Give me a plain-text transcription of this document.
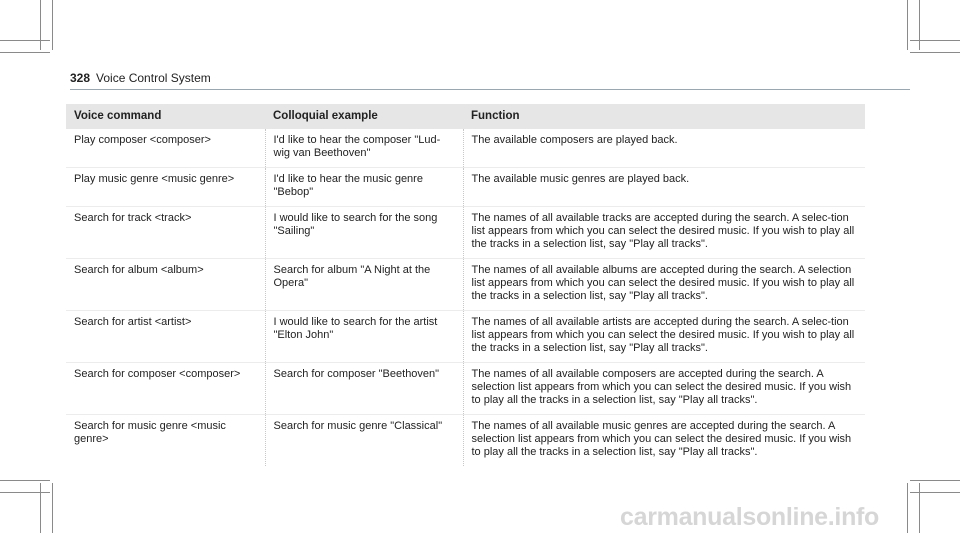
328 Voice Control System
Voice command	Colloquial example	Function
Play composer <composer>	I'd like to hear the composer "Lud-wig van Beethoven"	The available composers are played back.
Play music genre <music genre>	I'd like to hear the music genre "Bebop"	The available music genres are played back.
Search for track <track>	I would like to search for the song "Sailing"	The names of all available tracks are accepted during the search. A selec-tion list appears from which you can select the desired music. If you wish to play all the tracks in a selection list, say "Play all tracks".
Search for album <album>	Search for album "A Night at the Opera"	The names of all available albums are accepted during the search. A selection list appears from which you can select the desired music. If you wish to play all the tracks in a selection list, say "Play all tracks".
Search for artist <artist>	I would like to search for the artist "Elton John"	The names of all available artists are accepted during the search. A selec-tion list appears from which you can select the desired music. If you wish to play all the tracks in a selection list, say "Play all tracks".
Search for composer <composer>	Search for composer "Beethoven"	The names of all available composers are accepted during the search. A selection list appears from which you can select the desired music. If you wish to play all the tracks in a selection list, say "Play all tracks".
Search for music genre <music genre>	Search for music genre "Classical"	The names of all available music genres are accepted during the search. A selection list appears from which you can select the desired music. If you wish to play all the tracks in a selection list, say "Play all tracks".
carmanualsonline.info
